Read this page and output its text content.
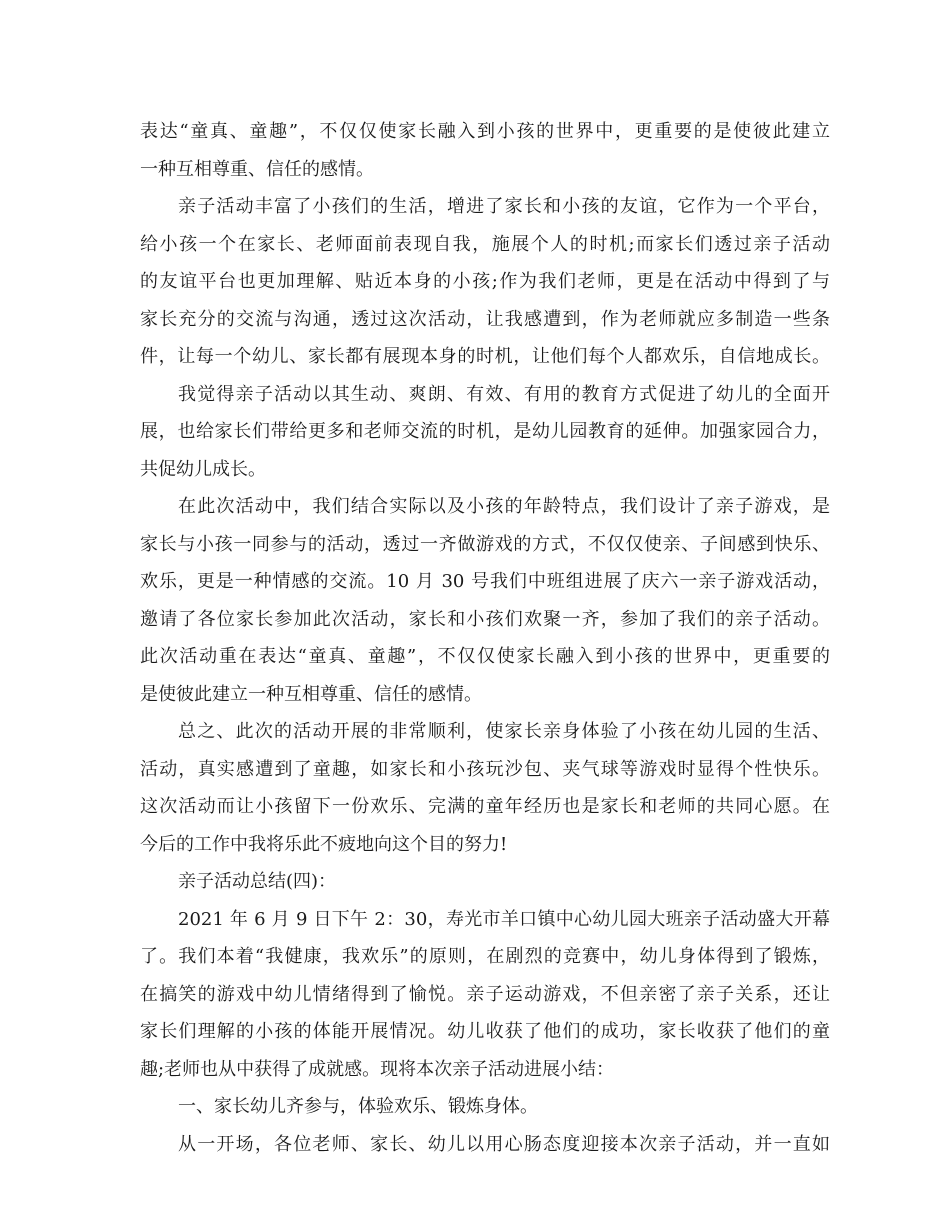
表达“童真、童趣”，不仅仅使家长融入到小孩的世界中，更重要的是使彼此建立
一种互相尊重、信任的感情。
亲子活动丰富了小孩们的生活，增进了家长和小孩的友谊，它作为一个平台，
给小孩一个在家长、老师面前表现自我，施展个人的时机;而家长们透过亲子活动
的友谊平台也更加理解、贴近本身的小孩;作为我们老师，更是在活动中得到了与
家长充分的交流与沟通，透过这次活动，让我感遭到，作为老师就应多制造一些条
件，让每一个幼儿、家长都有展现本身的时机，让他们每个人都欢乐，自信地成长。
我觉得亲子活动以其生动、爽朗、有效、有用的教育方式促进了幼儿的全面开
展，也给家长们带给更多和老师交流的时机，是幼儿园教育的延伸。加强家园合力，
共促幼儿成长。
在此次活动中，我们结合实际以及小孩的年龄特点，我们设计了亲子游戏，是
家长与小孩一同参与的活动，透过一齐做游戏的方式，不仅仅使亲、子间感到快乐、
欢乐，更是一种情感的交流。10 月 30 号我们中班组进展了庆六一亲子游戏活动，
邀请了各位家长参加此次活动，家长和小孩们欢聚一齐，参加了我们的亲子活动。
此次活动重在表达“童真、童趣”，不仅仅使家长融入到小孩的世界中，更重要的
是使彼此建立一种互相尊重、信任的感情。
总之、此次的活动开展的非常顺利，使家长亲身体验了小孩在幼儿园的生活、
活动，真实感遭到了童趣，如家长和小孩玩沙包、夹气球等游戏时显得个性快乐。
这次活动而让小孩留下一份欢乐、完满的童年经历也是家长和老师的共同心愿。在
今后的工作中我将乐此不疲地向这个目的努力!
亲子活动总结(四)：
2021 年 6 月 9 日下午 2：30，寿光市羊口镇中心幼儿园大班亲子活动盛大开幕
了。我们本着“我健康，我欢乐”的原则，在剧烈的竞赛中，幼儿身体得到了锻炼，
在搞笑的游戏中幼儿情绪得到了愉悦。亲子运动游戏，不但亲密了亲子关系，还让
家长们理解的小孩的体能开展情况。幼儿收获了他们的成功，家长收获了他们的童
趣;老师也从中获得了成就感。现将本次亲子活动进展小结：
一、家长幼儿齐参与，体验欢乐、锻炼身体。
从一开场，各位老师、家长、幼儿以用心肠态度迎接本次亲子活动，并一直如
